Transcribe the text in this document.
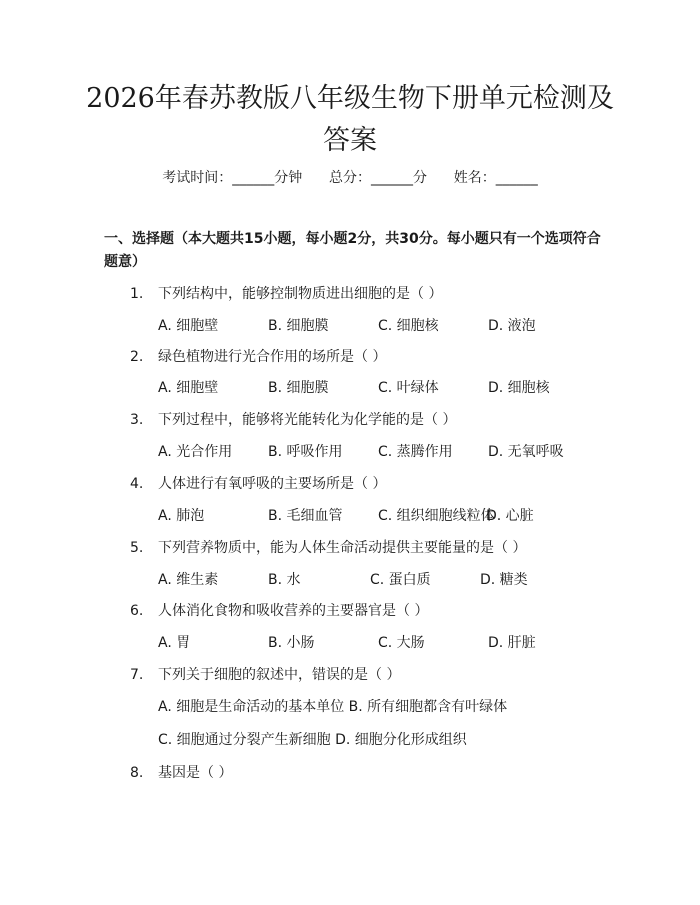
2026年春苏教版八年级生物下册单元检测及
答案
考试时间：______分钟      总分：______分      姓名：______
一、选择题（本大题共15小题，每小题2分，共30分。每小题只有一个选项符合题意）
1. 下列结构中，能够控制物质进出细胞的是（ ）
A. 细胞壁	B. 细胞膜	C. 细胞核	D. 液泡
2. 绿色植物进行光合作用的场所是（ ）
A. 细胞壁	B. 细胞膜	C. 叶绿体	D. 细胞核
3. 下列过程中，能够将光能转化为化学能的是（ ）
A. 光合作用	B. 呼吸作用	C. 蒸腾作用	D. 无氧呼吸
4. 人体进行有氧呼吸的主要场所是（ ）
A. 肺泡	B. 毛细血管	C. 组织细胞线粒体
D. 心脏
5. 下列营养物质中，能为人体生命活动提供主要能量的是（ ）
A. 维生素	B. 水	C. 蛋白质	D. 糖类
6. 人体消化食物和吸收营养的主要器官是（ ）
A. 胃	B. 小肠	C. 大肠	D. 肝脏
7. 下列关于细胞的叙述中，错误的是（ ）
A. 细胞是生命活动的基本单位 B. 所有细胞都含有叶绿体
C. 细胞通过分裂产生新细胞 D. 细胞分化形成组织
8. 基因是（ ）
